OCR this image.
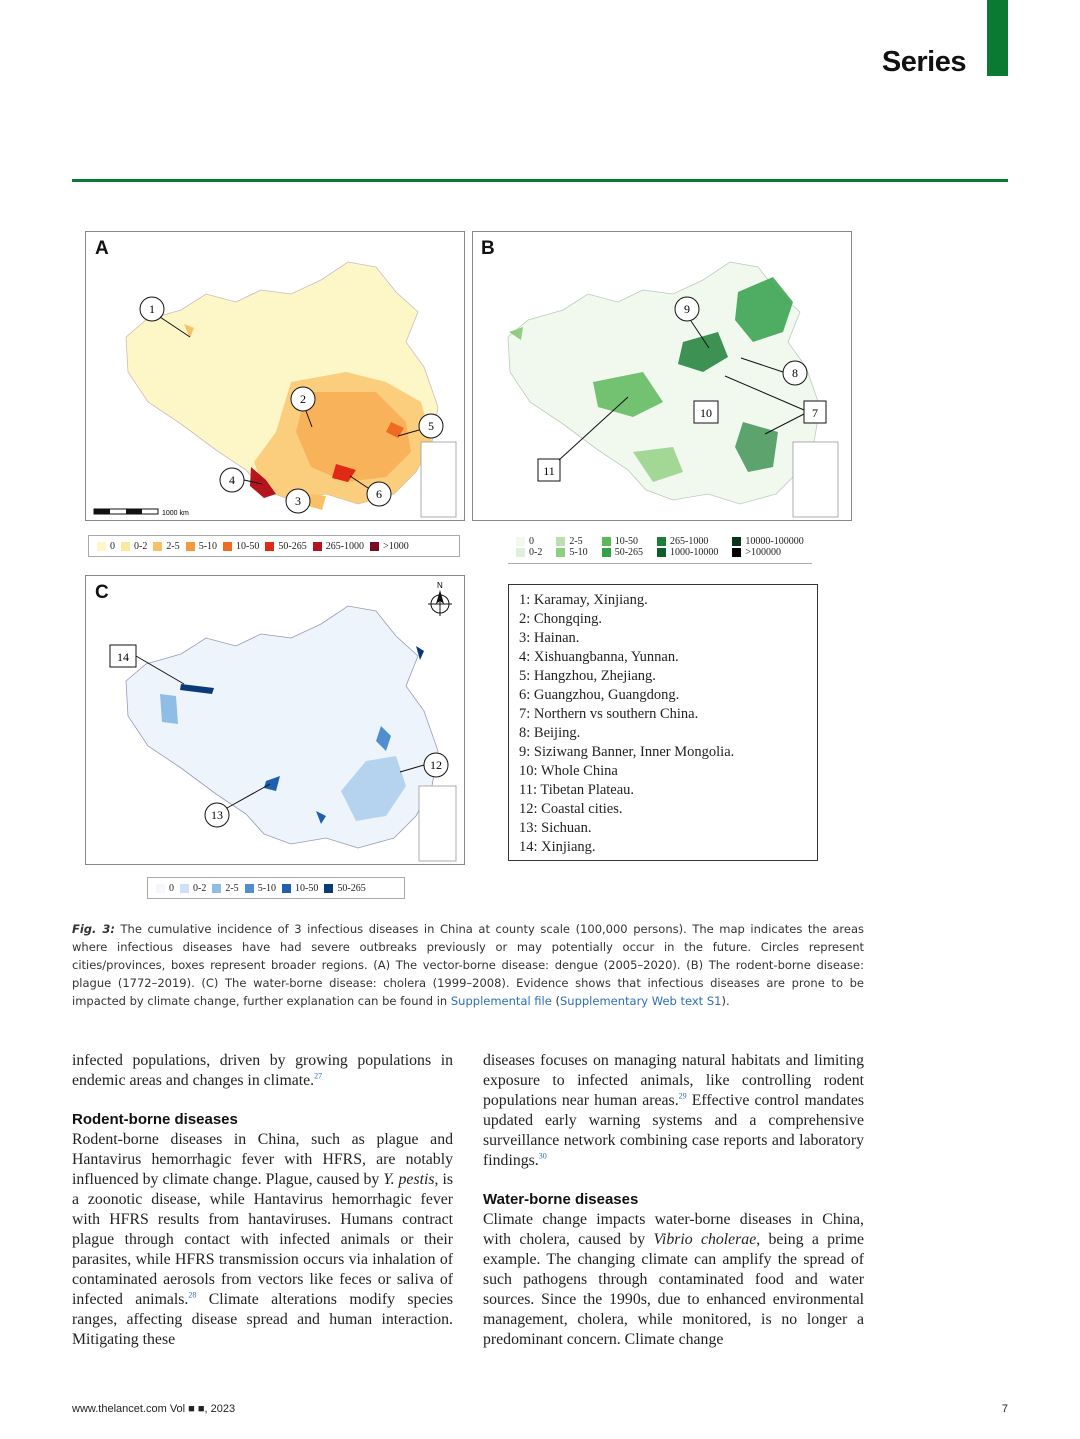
Series
A
1000 km
1
2
3
4
5
6
0 0-2 2-5 5-10 10-50 50-265 265-1000 >1000
B
9
8
7
10
11
0
0-2
2-5
5-10
10-50
50-265
265-1000
1000-10000
10000-100000
>100000
C	N
14
12
13
0 0-2 2-5 5-10 10-50 50-265
1: Karamay, Xinjiang.
2: Chongqing.
3: Hainan.
4: Xishuangbanna, Yunnan.
5: Hangzhou, Zhejiang.
6: Guangzhou, Guangdong.
7: Northern vs southern China.
8: Beijing.
9: Siziwang Banner, Inner Mongolia.
10: Whole China
11: Tibetan Plateau.
12: Coastal cities.
13: Sichuan.
14: Xinjiang.
Fig. 3: The cumulative incidence of 3 infectious diseases in China at county scale (100,000 persons). The map indicates the areas where infectious diseases have had severe outbreaks previously or may potentially occur in the future. Circles represent cities/provinces, boxes represent broader regions. (A) The vector-borne disease: dengue (2005–2020). (B) The rodent-borne disease: plague (1772–2019). (C) The water-borne disease: cholera (1999–2008). Evidence shows that infectious diseases are prone to be impacted by climate change, further explanation can be found in Supplemental file (Supplementary Web text S1).

infected populations, driven by growing populations in endemic areas and changes in climate.$^{27}$

Rodent-borne diseases

Rodent-borne diseases in China, such as plague and Hantavirus hemorrhagic fever with HFRS, are notably influenced by climate change. Plague, caused by Y. pestis, is a zoonotic disease, while Hantavirus hemorrhagic fever with HFRS results from hantaviruses. Humans contract plague through contact with infected animals or their parasites, while HFRS transmission occurs via inhalation of contaminated aerosols from vectors like feces or saliva of infected animals.$^{28}$ Climate alterations modify species ranges, affecting disease spread and human interaction. Mitigating these

diseases focuses on managing natural habitats and limiting exposure to infected animals, like controlling rodent populations near human areas.$^{29}$ Effective control mandates updated early warning systems and a comprehensive surveillance network combining case reports and laboratory findings.$^{30}$

Water-borne diseases

Climate change impacts water-borne diseases in China, with cholera, caused by Vibrio cholerae, being a prime example. The changing climate can amplify the spread of such pathogens through contaminated food and water sources. Since the 1990s, due to enhanced environmental management, cholera, while monitored, is no longer a predominant concern. Climate change

www.thelancet.com Vol ■ ■, 2023	7
